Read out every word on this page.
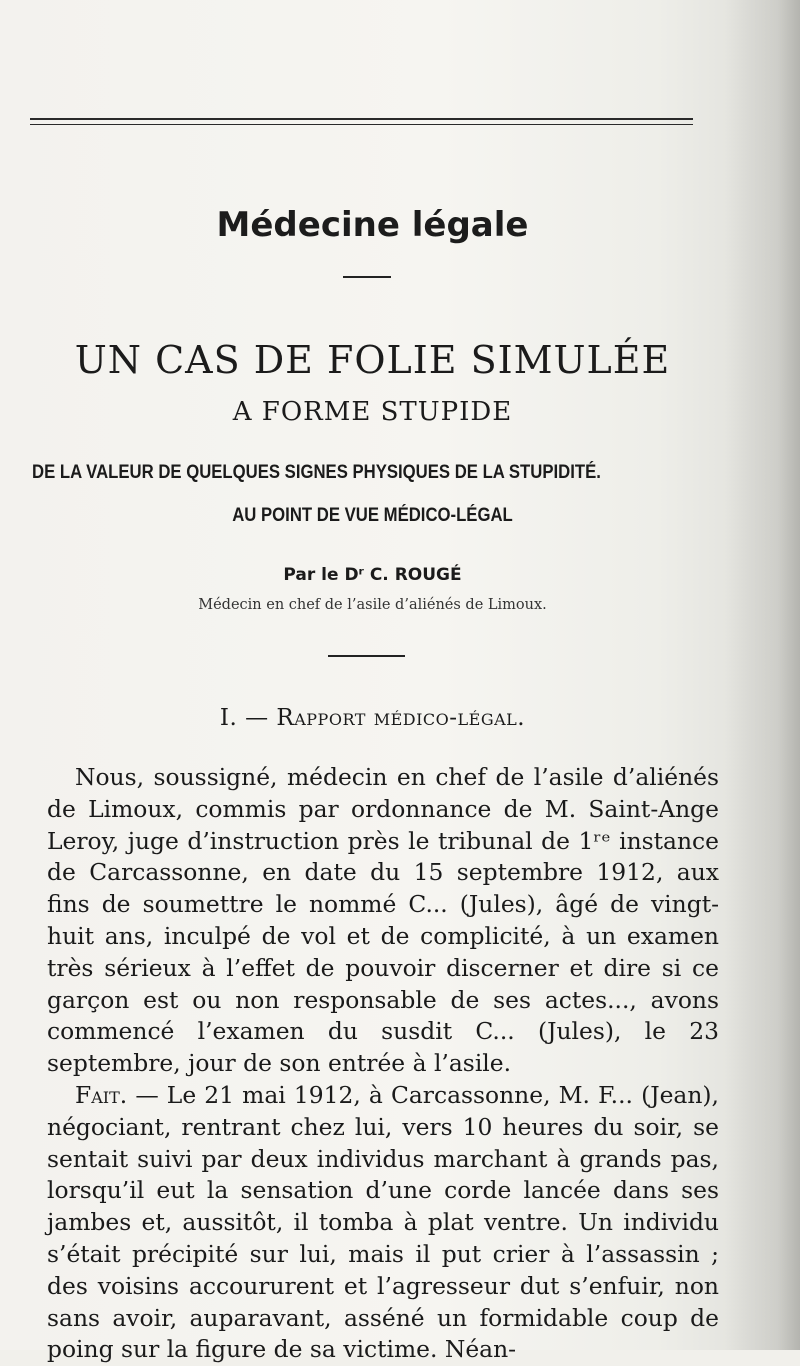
Médecine légale
UN CAS DE FOLIE SIMULÉE
A FORME STUPIDE
DE LA VALEUR DE QUELQUES SIGNES PHYSIQUES DE LA STUPIDITÉ.
AU POINT DE VUE MÉDICO-LÉGAL
Par le Dʳ C. ROUGÉ
Médecin en chef de l’asile d’aliénés de Limoux.
I. — Rapport médico-légal.

Nous, soussigné, médecin en chef de l’asile d’aliénés de Limoux, commis par ordonnance de M. Saint-Ange Leroy, juge d’instruction près le tribunal de 1ʳᵉ instance de Carcassonne, en date du 15 septembre 1912, aux fins de soumettre le nommé C... (Jules), âgé de vingt-huit ans, inculpé de vol et de complicité, à un examen très sérieux à l’effet de pouvoir discerner et dire si ce garçon est ou non responsable de ses actes..., avons commencé l’examen du susdit C... (Jules), le 23 septembre, jour de son entrée à l’asile.

Fait. — Le 21 mai 1912, à Carcassonne, M. F... (Jean), négociant, rentrant chez lui, vers 10 heures du soir, se sentait suivi par deux individus marchant à grands pas, lorsqu’il eut la sensation d’une corde lancée dans ses jambes et, aussitôt, il tomba à plat ventre. Un individu s’était précipité sur lui, mais il put crier à l’assassin ; des voisins accoururent et l’agresseur dut s’enfuir, non sans avoir, auparavant, asséné un formidable coup de poing sur la figure de sa victime. Néan-
